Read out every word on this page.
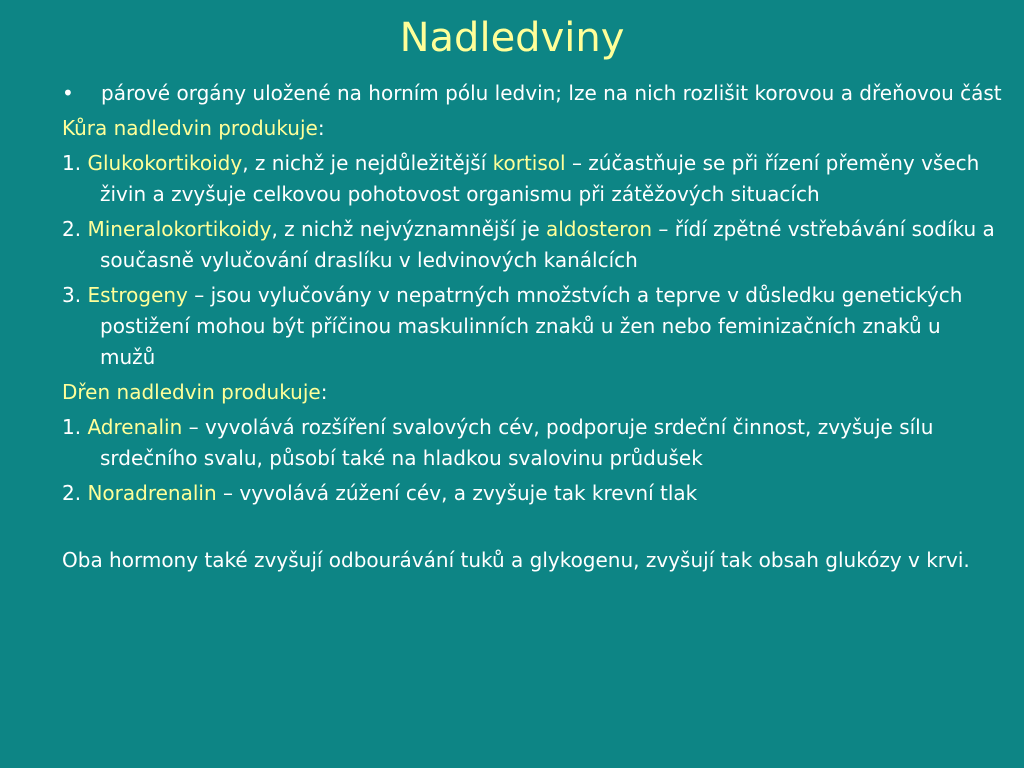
Nadledviny
• párové orgány uložené na horním pólu ledvin; lze na nich rozlišit korovou a dřeňovou část
Kůra nadledvin produkuje:
1. Glukokortikoidy, z nichž je nejdůležitější kortisol – zúčastňuje se při řízení přeměny všech živin a zvyšuje celkovou pohotovost organismu při zátěžových situacích
2. Mineralokortikoidy, z nichž nejvýznamnější je aldosteron – řídí zpětné vstřebávání sodíku a současně vylučování draslíku v ledvinových kanálcích
3. Estrogeny – jsou vylučovány v nepatrných množstvích a teprve v důsledku genetických postižení mohou být příčinou maskulinních znaků u žen nebo feminizačních znaků u mužů
Dřen nadledvin produkuje:
1. Adrenalin – vyvolává rozšíření svalových cév, podporuje srdeční činnost, zvyšuje sílu srdečního svalu, působí také na hladkou svalovinu průdušek
2. Noradrenalin – vyvolává zúžení cév, a zvyšuje tak krevní tlak
Oba hormony také zvyšují odbourávání tuků a glykogenu, zvyšují tak obsah glukózy v krvi.
